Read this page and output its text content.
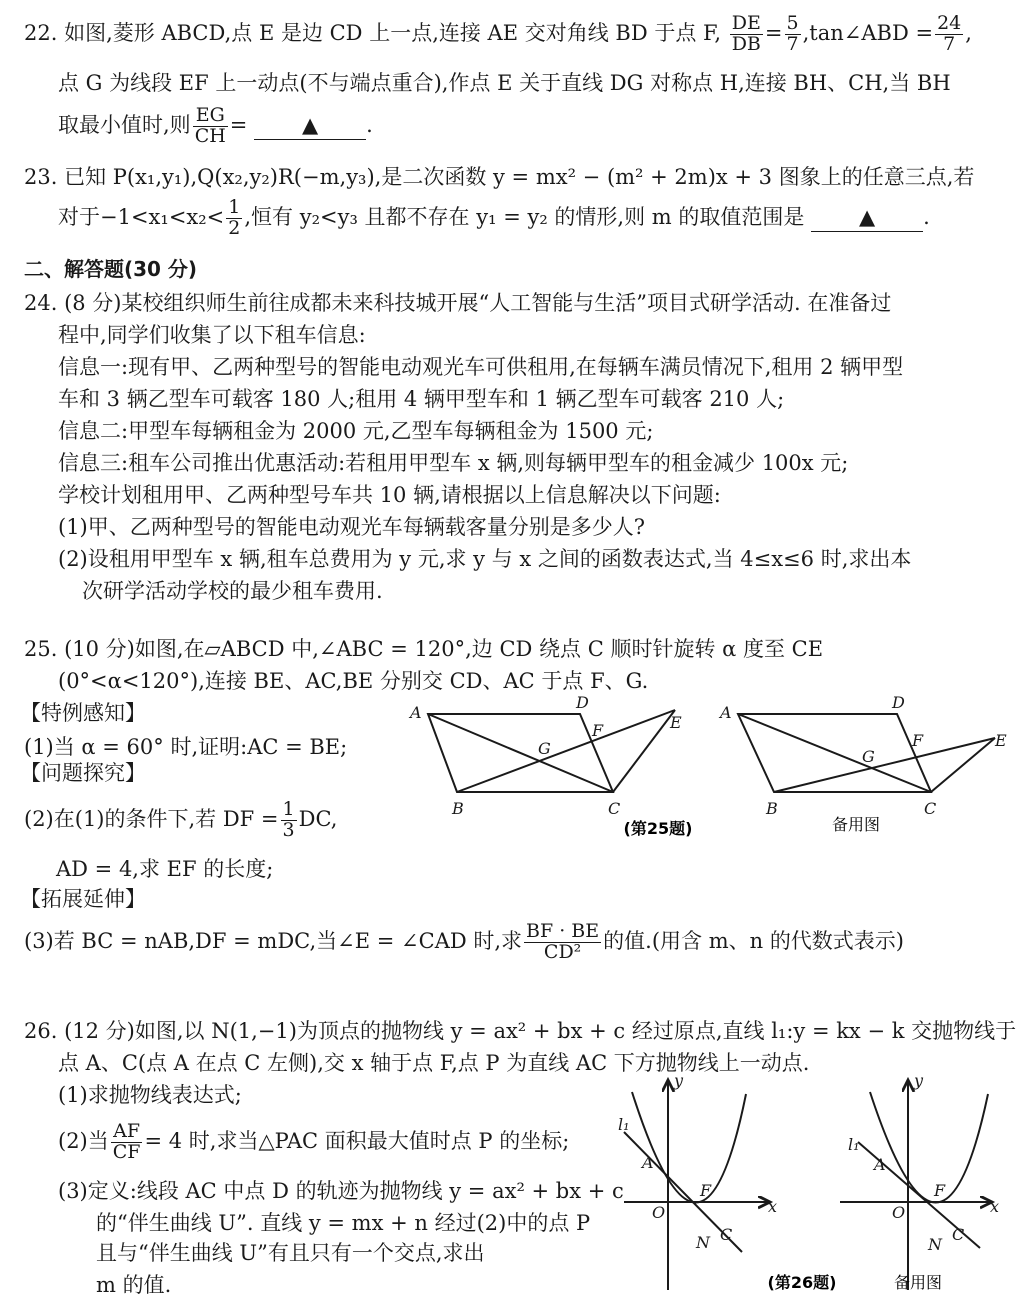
22. 如图,菱形 ABCD,点 E 是边 CD 上一点,连接 AE 交对角线 BD 于点 F, $\frac{DE}{DB} = \frac{5}{7}$ ,tan∠ABD = $\frac{24}{7}$ ,
点 G 为线段 EF 上一动点(不与端点重合),作点 E 关于直线 DG 对称点 H,连接 BH、CH,当 BH
取最小值时,则 $\frac{EG}{CH}$ =	▲ .
23. 已知 P(x₁,y₁),Q(x₂,y₂)R(−m,y₃),是二次函数 y = mx² − (m² + 2m)x + 3 图象上的任意三点,若
对于$-1<x_1<x_2< \frac{1}{2}$ ,恒有 y₂<y₃ 且都不存在 y₁ = y₂ 的情形,则 m 的取值范围是	▲ .
二、解答题(30 分)
24. (8 分)某校组织师生前往成都未来科技城开展“人工智能与生活”项目式研学活动. 在准备过
程中,同学们收集了以下租车信息:
信息一:现有甲、乙两种型号的智能电动观光车可供租用,在每辆车满员情况下,租用 2 辆甲型
车和 3 辆乙型车可载客 180 人;租用 4 辆甲型车和 1 辆乙型车可载客 210 人;
信息二:甲型车每辆租金为 2000 元,乙型车每辆租金为 1500 元;
信息三:租车公司推出优惠活动:若租用甲型车 x 辆,则每辆甲型车的租金减少 100x 元;
学校计划租用甲、乙两种型号车共 10 辆,请根据以上信息解决以下问题:
(1)甲、乙两种型号的智能电动观光车每辆载客量分别是多少人?
(2)设租用甲型车 x 辆,租车总费用为 y 元,求 y 与 x 之间的函数表达式,当 4≤x≤6 时,求出本
次研学活动学校的最少租车费用.
25. (10 分)如图,在▱ABCD 中,∠ABC = 120°,边 CD 绕点 C 顺时针旋转 α 度至 CE
(0°<α<120°),连接 BE、AC,BE 分别交 CD、AC 于点 F、G.
【特例感知】
(1)当 α = 60° 时,证明:AC = BE;
【问题探究】
(2)在(1)的条件下,若 DF = $\frac{1}{3}$ DC,
AD = 4,求 EF 的长度;
【拓展延伸】
(3)若 BC = nAB,DF = mDC,当∠E = ∠CAD 时,求 $\frac{BF \cdot BE}{\text{CD²}}$ 的值.(用含 m、n 的代数式表示)
A
D
F	E
G
B	C
A
D
F	E
G
B	C
(第25题)	备用图
26. (12 分)如图,以 N(1,−1)为顶点的抛物线 y = ax² + bx + c 经过原点,直线 l₁:y = kx − k 交抛物线于
点 A、C(点 A 在点 C 左侧),交 x 轴于点 F,点 P 为直线 AC 下方抛物线上一动点.
(1)求抛物线表达式;
(2)当 $\frac{AF}{CF} = 4$ 时,求当△PAC 面积最大值时点 P 的坐标;
(3)定义:线段 AC 中点 D 的轨迹为抛物线 y = ax² + bx + c
的“伴生曲线 U”. 直线 y = mx + n 经过(2)中的点 P
且与“伴生曲线 U”有且只有一个交点,求出
m 的值.
y
x
l₁
A
F
O
N C
y
x
l₁
A
F
O
N
C
(第26题)	备用图
